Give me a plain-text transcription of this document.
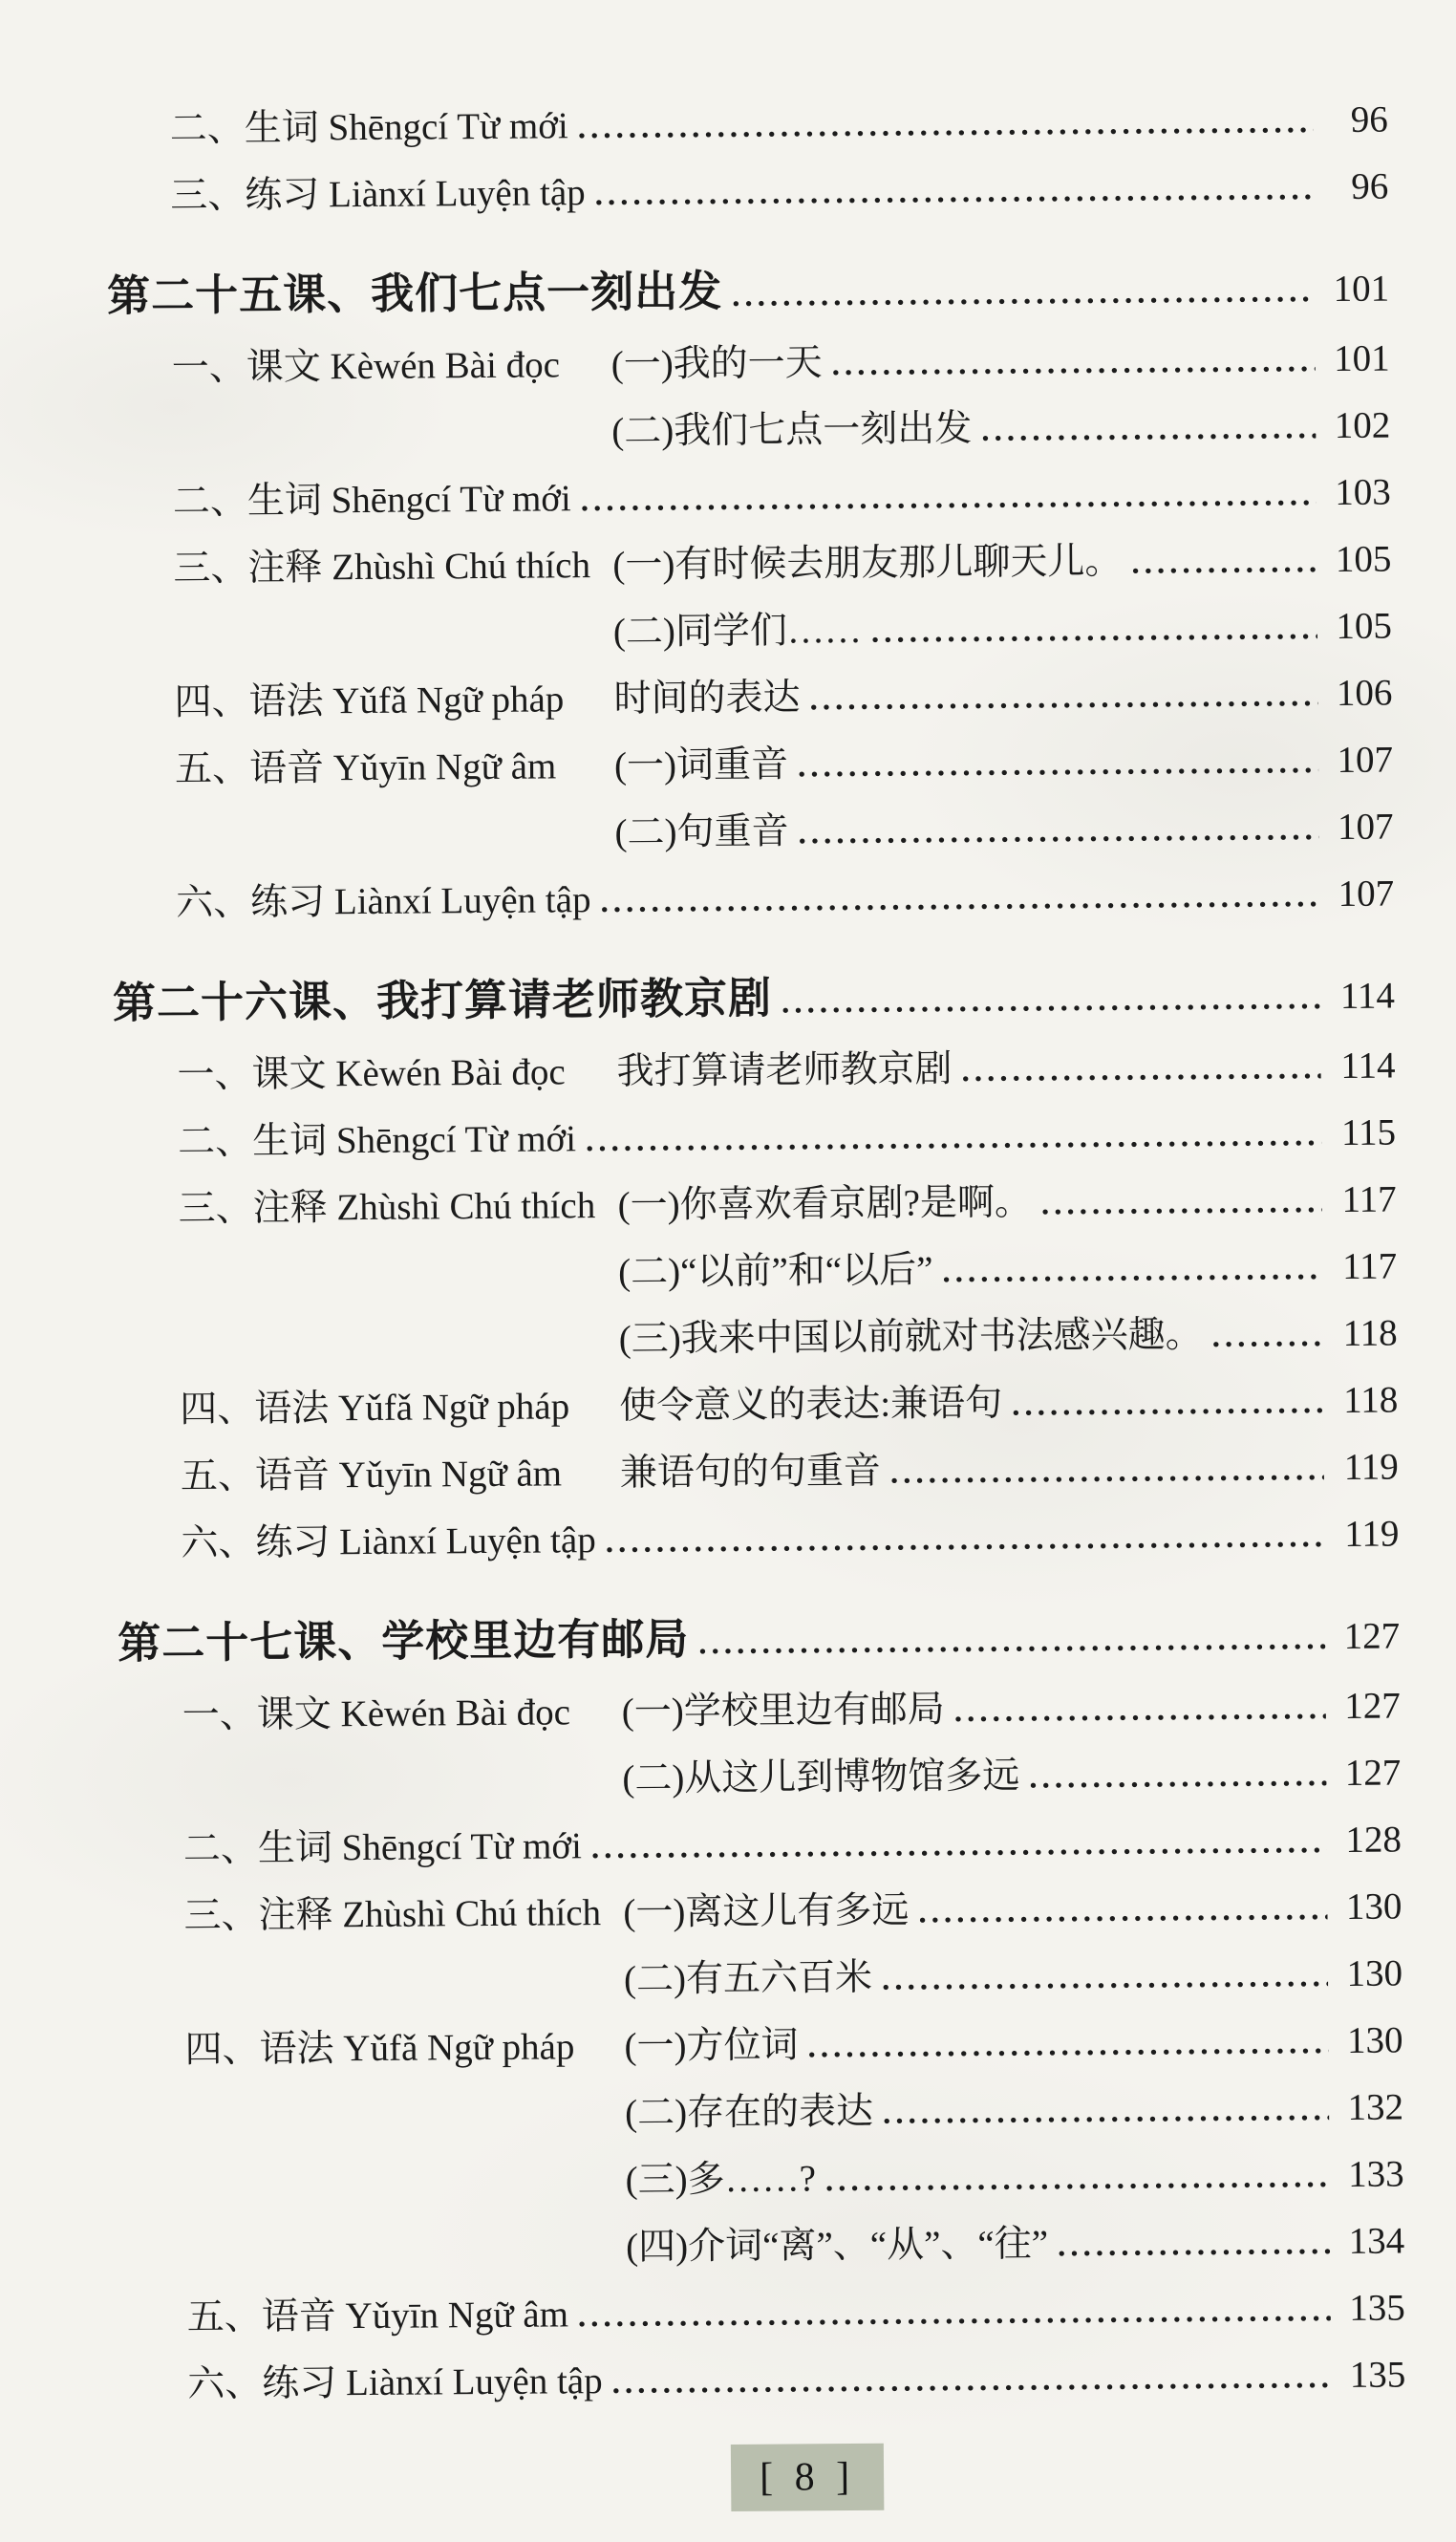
二、生词 Shēngcí Từ mới .....	96
三、练习 Liànxí Luyện tập .....	96
第二十五课、我们七点一刻出发 .....	101
一、课文 Kèwén Bài đọc	(一)我的一天 .....	101
(二)我们七点一刻出发 .....	102
二、生词 Shēngcí Từ mới .....	103
三、注释 Zhùshì Chú thích (一)有时候去朋友那儿聊天儿。 .....	105
(二)同学们…… .....	105
四、语法 Yǔfǎ Ngữ pháp	时间的表达 .....	106
五、语音 Yǔyīn Ngữ âm	(一)词重音 .....	107
(二)句重音 .....	107
六、练习 Liànxí Luyện tập .....	107
第二十六课、我打算请老师教京剧 .....	114
一、课文 Kèwén Bài đọc	我打算请老师教京剧 .....	114
二、生词 Shēngcí Từ mới .....	115
三、注释 Zhùshì Chú thích (一)你喜欢看京剧?是啊。 .....	117
(二)“以前”和“以后” .....	117
(三)我来中国以前就对书法感兴趣。 .....	118
四、语法 Yǔfǎ Ngữ pháp	使令意义的表达:兼语句 .....	118
五、语音 Yǔyīn Ngữ âm	兼语句的句重音 .....	119
六、练习 Liànxí Luyện tập .....	119
第二十七课、学校里边有邮局 .....	127
一、课文 Kèwén Bài đọc	(一)学校里边有邮局 .....	127
(二)从这儿到博物馆多远 .....	127
二、生词 Shēngcí Từ mới .....	128
三、注释 Zhùshì Chú thích (一)离这儿有多远 .....	130
(二)有五六百米 .....	130
四、语法 Yǔfǎ Ngữ pháp	(一)方位词 .....	130
(二)存在的表达 .....	132
(三)多……? .....	133
(四)介词“离”、“从”、“往” .....	134
五、语音 Yǔyīn Ngữ âm .....	135
六、练习 Liànxí Luyện tập .....	135
[ 8 ]
